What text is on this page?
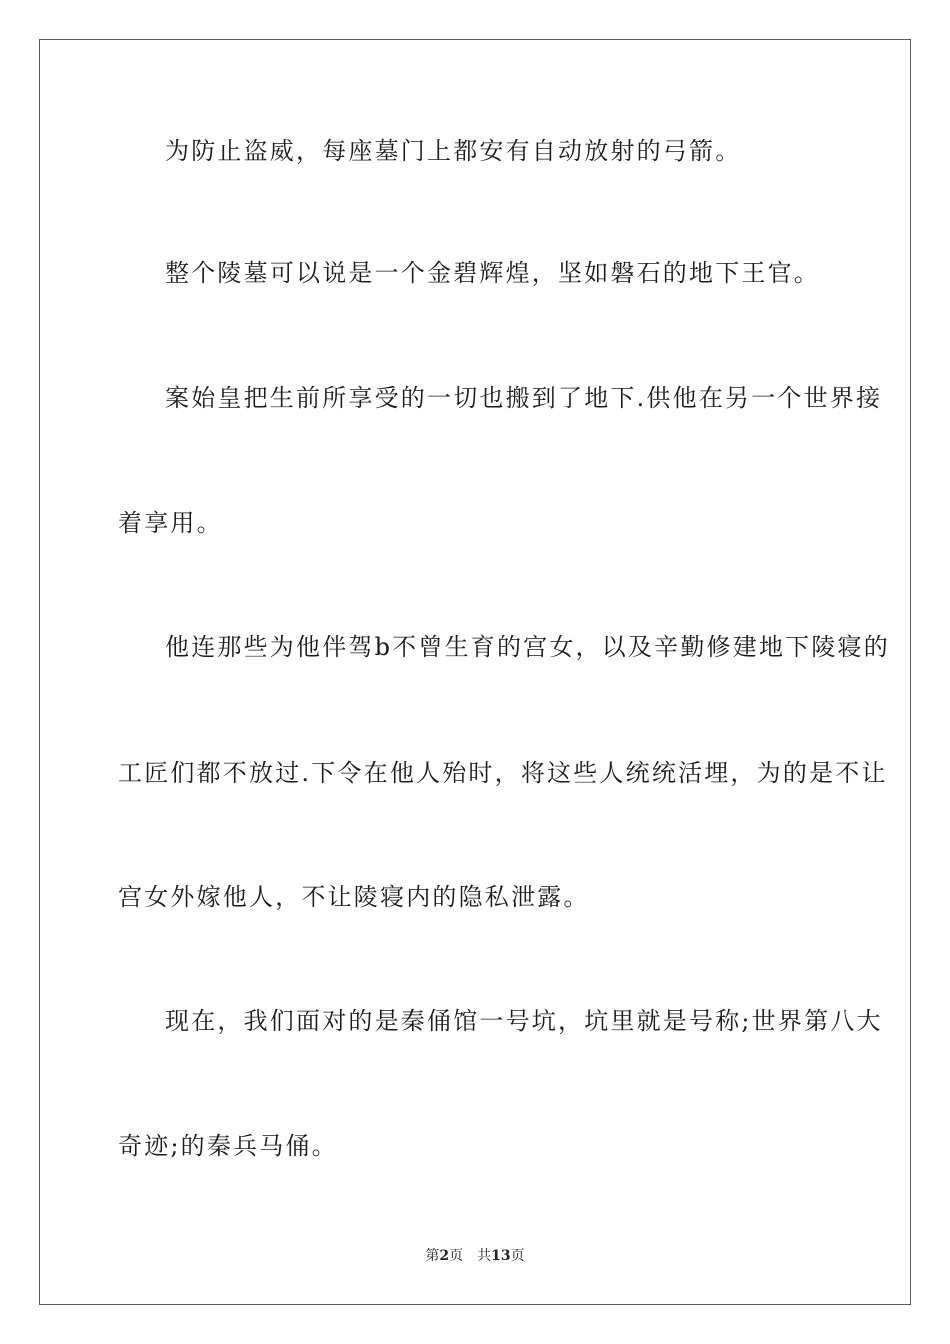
为防止盗威，每座墓门上都安有自动放射的弓箭。
整个陵墓可以说是一个金碧辉煌，坚如磐石的地下王官。
案始皇把生前所享受的一切也搬到了地下.供他在另一个世界接
着享用。
他连那些为他伴驾b不曾生育的宫女，以及辛勤修建地下陵寝的
工匠们都不放过.下令在他人殆时，将这些人统统活埋，为的是不让
宫女外嫁他人，不让陵寝内的隐私泄露。
现在，我们面对的是秦俑馆一号坑，坑里就是号称;世界第八大
奇迹;的秦兵马俑。
第2页 共13页
